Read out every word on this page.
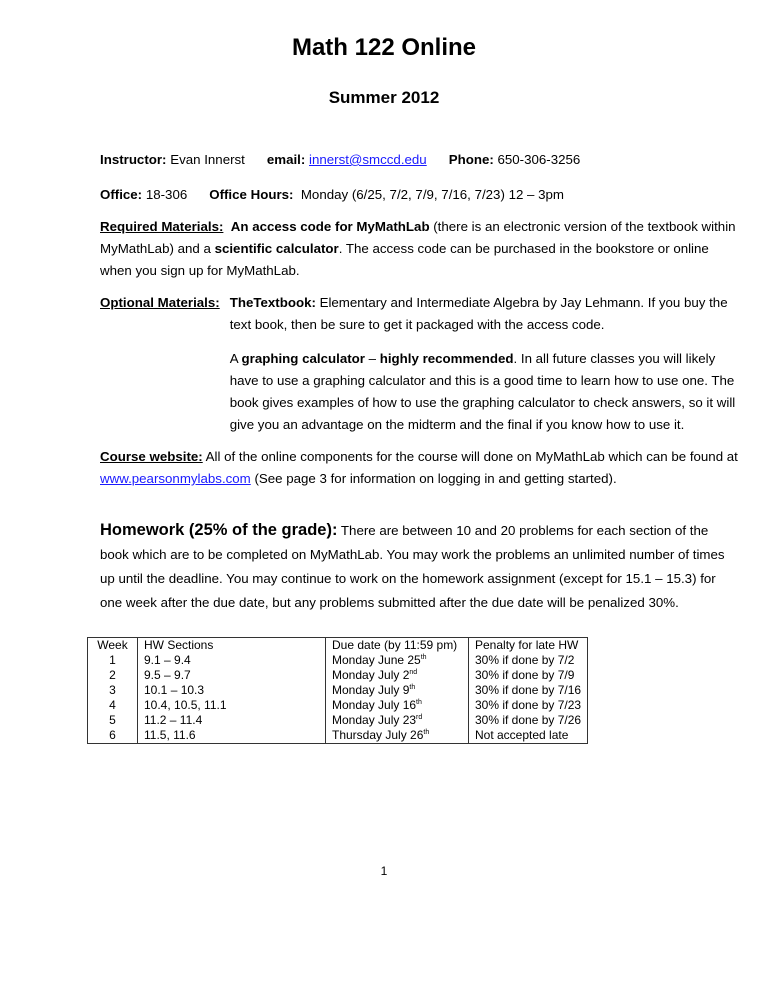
Math 122 Online
Summer 2012
Instructor: Evan Innerst email: innerst@smccd.edu Phone: 650-306-3256
Office: 18-306 Office Hours: Monday (6/25, 7/2, 7/9, 7/16, 7/23) 12 – 3pm
Required Materials: An access code for MyMathLab (there is an electronic version of the textbook within MyMathLab) and a scientific calculator. The access code can be purchased in the bookstore or online when you sign up for MyMathLab.
Optional Materials: TheTextbook: Elementary and Intermediate Algebra by Jay Lehmann. If you buy the text book, then be sure to get it packaged with the access code.
A graphing calculator – highly recommended. In all future classes you will likely have to use a graphing calculator and this is a good time to learn how to use one. The book gives examples of how to use the graphing calculator to check answers, so it will give you an advantage on the midterm and the final if you know how to use it.
Course website: All of the online components for the course will done on MyMathLab which can be found at www.pearsonmylabs.com (See page 3 for information on logging in and getting started).
Homework (25% of the grade): There are between 10 and 20 problems for each section of the book which are to be completed on MyMathLab. You may work the problems an unlimited number of times up until the deadline. You may continue to work on the homework assignment (except for 15.1 – 15.3) for one week after the due date, but any problems submitted after the due date will be penalized 30%.
Week	HW Sections	Due date (by 11:59 pm)	Penalty for late HW
1	9.1 – 9.4	Monday June 25th	30% if done by 7/2
2	9.5 – 9.7	Monday July 2nd	30% if done by 7/9
3	10.1 – 10.3	Monday July 9th	30% if done by 7/16
4	10.4, 10.5, 11.1	Monday July 16th	30% if done by 7/23
5	11.2 – 11.4	Monday July 23rd	30% if done by 7/26
6	11.5, 11.6	Thursday July 26th	Not accepted late
1
